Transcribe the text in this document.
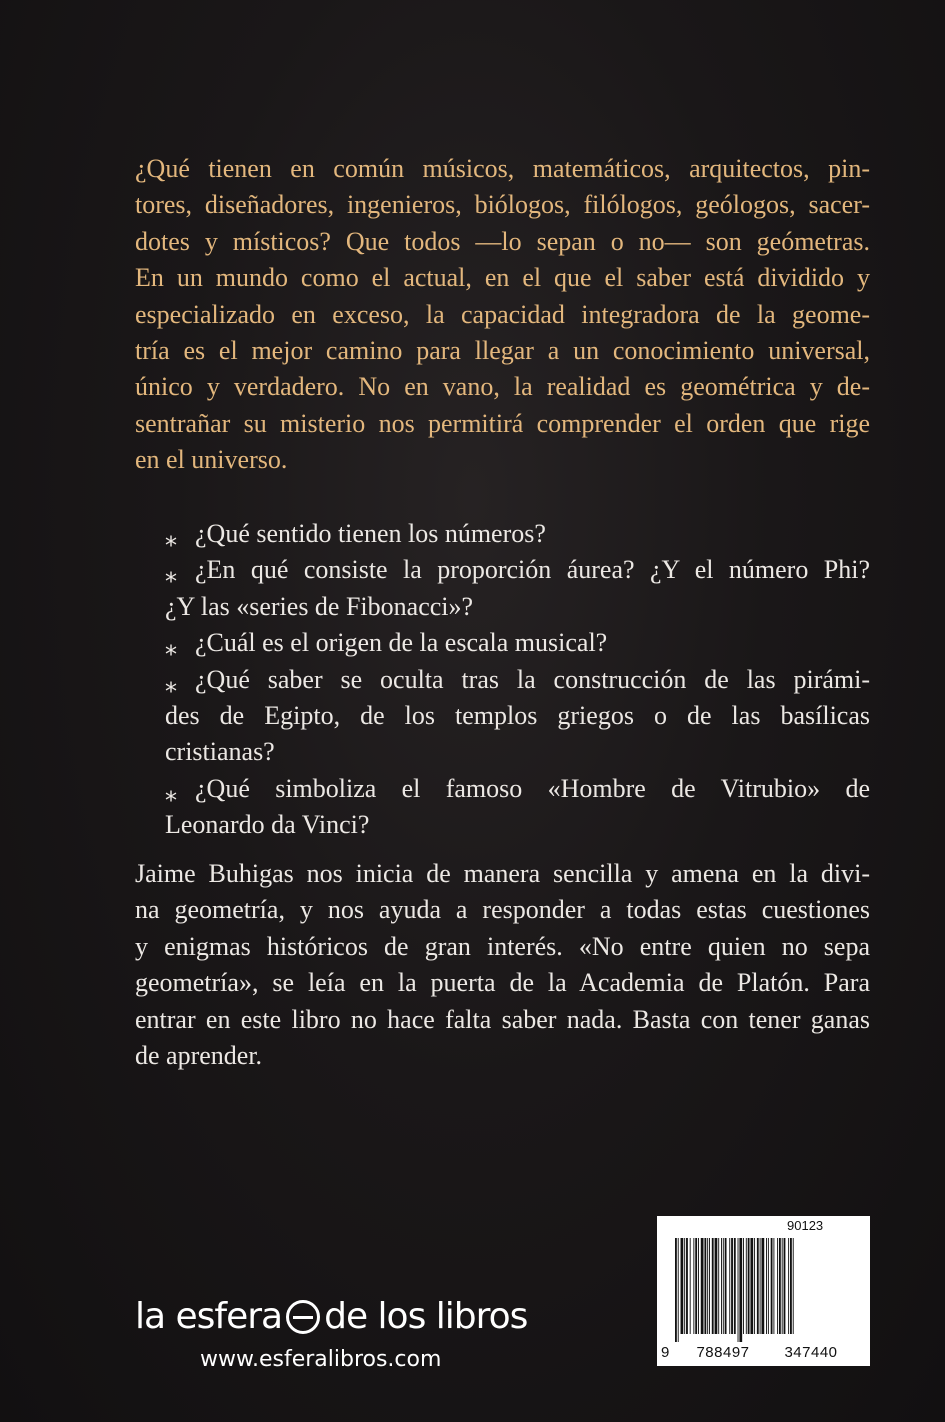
¿Qué tienen en común músicos, matemáticos, arquitectos, pin-
tores, diseñadores, ingenieros, biólogos, filólogos, geólogos, sacer-
dotes y místicos? Que todos —lo sepan o no— son geómetras.
En un mundo como el actual, en el que el saber está dividido y
especializado en exceso, la capacidad integradora de la geome-
tría es el mejor camino para llegar a un conocimiento universal,
único y verdadero. No en vano, la realidad es geométrica y de-
sentrañar su misterio nos permitirá comprender el orden que rige
en el universo.
⁎ ¿Qué sentido tienen los números?
⁎ ¿En qué consiste la proporción áurea? ¿Y el número Phi?
¿Y las «series de Fibonacci»?
⁎ ¿Cuál es el origen de la escala musical?
⁎ ¿Qué saber se oculta tras la construcción de las pirámi-
des de Egipto, de los templos griegos o de las basílicas
cristianas?
⁎ ¿Qué simboliza el famoso «Hombre de Vitrubio» de
Leonardo da Vinci?
Jaime Buhigas nos inicia de manera sencilla y amena en la divi-
na geometría, y nos ayuda a responder a todas estas cuestiones
y enigmas históricos de gran interés. «No entre quien no sepa
geometría», se leía en la puerta de la Academia de Platón. Para
entrar en este libro no hace falta saber nada. Basta con tener ganas
de aprender.
la esfera de los libros
www.esferalibros.com
90123
9 788497 347440
